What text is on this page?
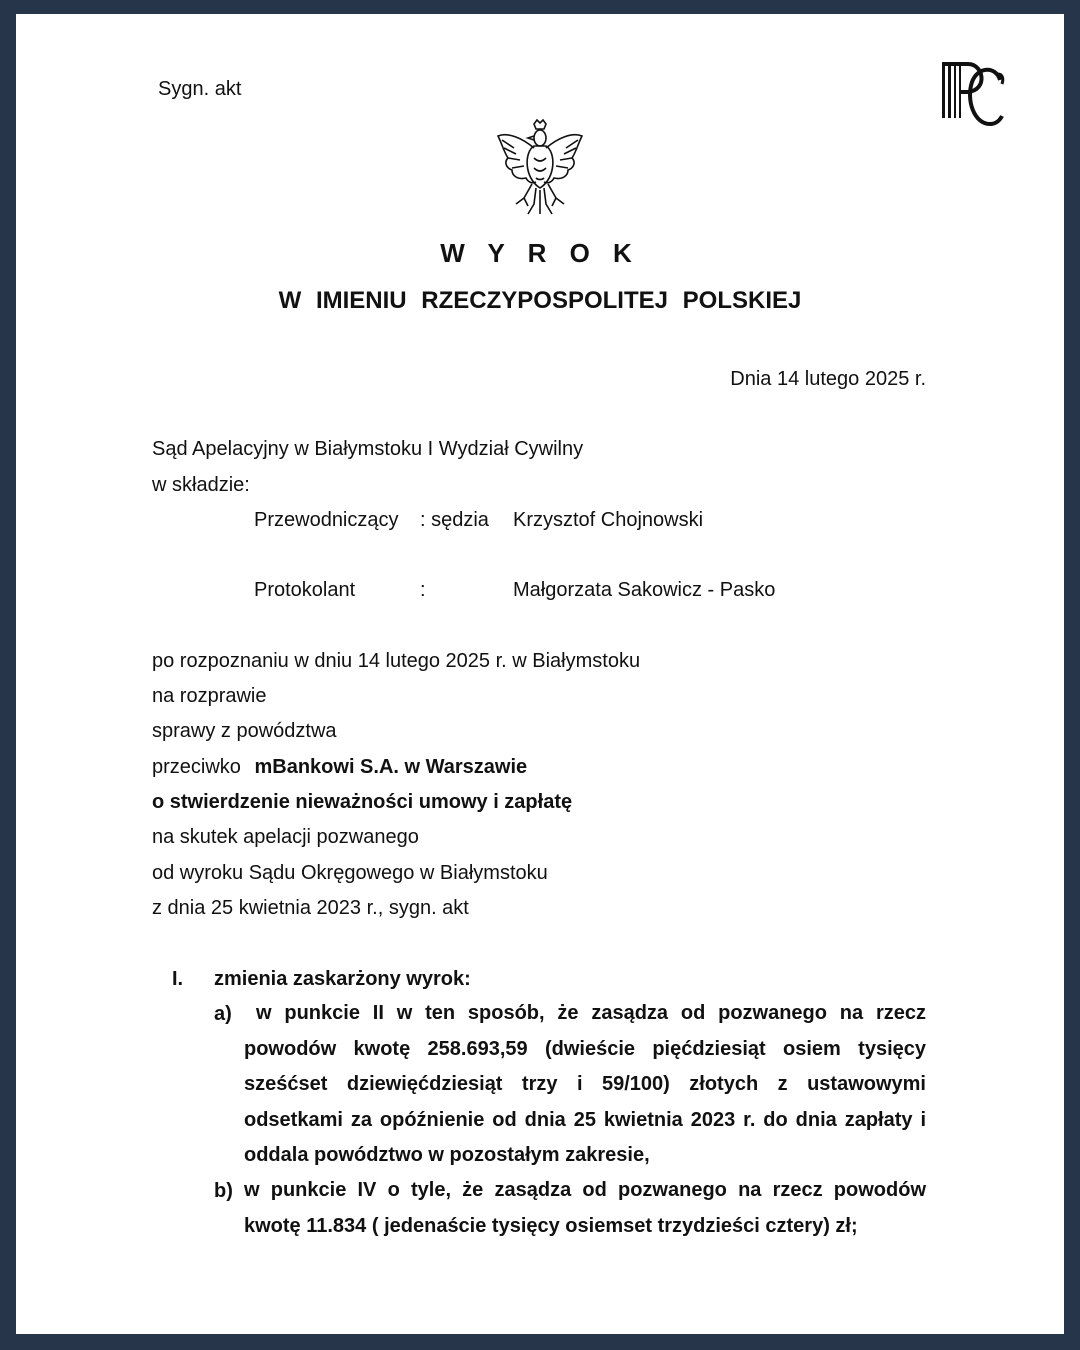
Sygn. akt
W Y R O K
W IMIENIU RZECZYPOSPOLITEJ POLSKIEJ
Dnia 14 lutego 2025 r.
Sąd Apelacyjny w Białymstoku I Wydział Cywilny
w składzie:
Przewodniczący : sędzia Krzysztof Chojnowski
Protokolant	:	Małgorzata Sakowicz - Pasko
po rozpoznaniu w dniu 14 lutego 2025 r. w Białymstoku
na rozprawie
sprawy z powództwa
przeciwko mBankowi S.A. w Warszawie
o stwierdzenie nieważności umowy i zapłatę
na skutek apelacji pozwanego
od wyroku Sądu Okręgowego w Białymstoku
z dnia 25 kwietnia 2023 r., sygn. akt
I. zmienia zaskarżony wyrok:
a)	w punkcie II w ten sposób, że zasądza od pozwanego na rzecz powodów kwotę 258.693,59 (dwieście pięćdziesiąt osiem tysięcy sześćset dziewięćdziesiąt trzy i 59/100) złotych z ustawowymi odsetkami za opóźnienie od dnia 25 kwietnia 2023 r. do dnia zapłaty i oddala powództwo w pozostałym zakresie,
b) w punkcie IV o tyle, że zasądza od pozwanego na rzecz powodów kwotę 11.834 ( jedenaście tysięcy osiemset trzydzieści cztery) zł;
